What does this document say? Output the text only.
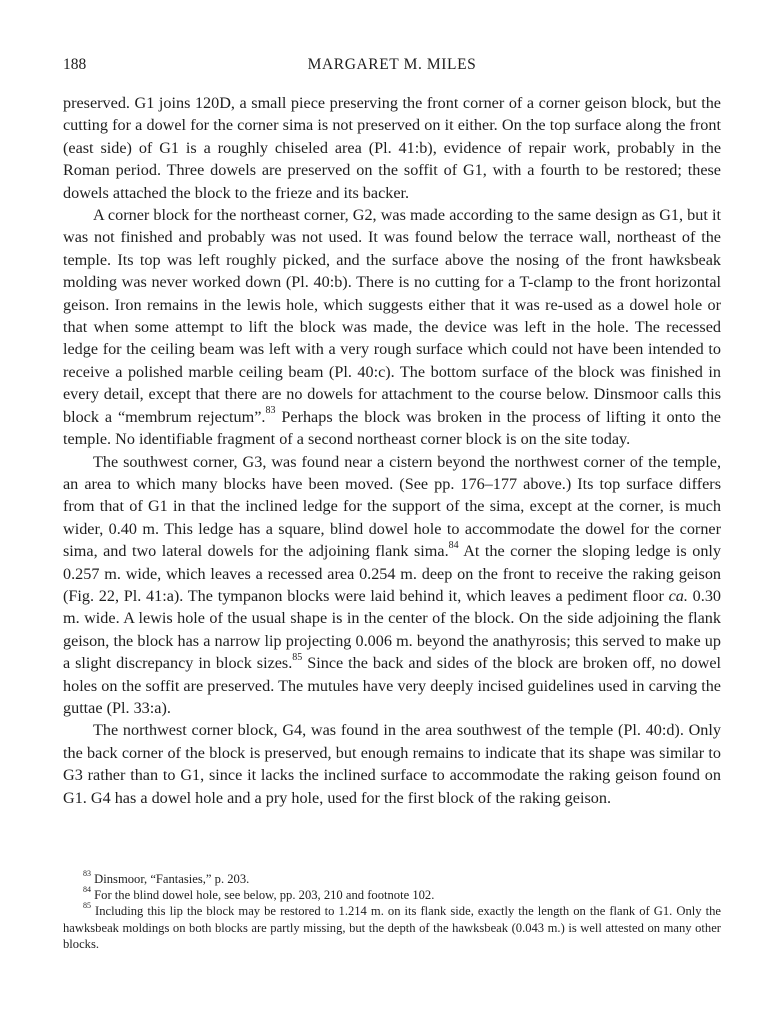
188	MARGARET M. MILES

preserved. G1 joins 120D, a small piece preserving the front corner of a corner geison block, but the cutting for a dowel for the corner sima is not preserved on it either. On the top surface along the front (east side) of G1 is a roughly chiseled area (Pl. 41:b), evidence of repair work, probably in the Roman period. Three dowels are preserved on the soffit of G1, with a fourth to be restored; these dowels attached the block to the frieze and its backer.

A corner block for the northeast corner, G2, was made according to the same design as G1, but it was not finished and probably was not used. It was found below the terrace wall, northeast of the temple. Its top was left roughly picked, and the surface above the nosing of the front hawksbeak molding was never worked down (Pl. 40:b). There is no cutting for a T-clamp to the front horizontal geison. Iron remains in the lewis hole, which suggests either that it was re-used as a dowel hole or that when some attempt to lift the block was made, the device was left in the hole. The recessed ledge for the ceiling beam was left with a very rough surface which could not have been intended to receive a polished marble ceiling beam (Pl. 40:c). The bottom surface of the block was finished in every detail, except that there are no dowels for attachment to the course below. Dinsmoor calls this block a “membrum rejectum”.$^{83}$ Perhaps the block was broken in the process of lifting it onto the temple. No identifiable fragment of a second northeast corner block is on the site today.

The southwest corner, G3, was found near a cistern beyond the northwest corner of the temple, an area to which many blocks have been moved. (See pp. 176–177 above.) Its top surface differs from that of G1 in that the inclined ledge for the support of the sima, except at the corner, is much wider, 0.40 m. This ledge has a square, blind dowel hole to accommodate the dowel for the corner sima, and two lateral dowels for the adjoining flank sima.$^{84}$ At the corner the sloping ledge is only 0.257 m. wide, which leaves a recessed area 0.254 m. deep on the front to receive the raking geison (Fig. 22, Pl. 41:a). The tympanon blocks were laid behind it, which leaves a pediment floor ca. 0.30 m. wide. A lewis hole of the usual shape is in the center of the block. On the side adjoining the flank geison, the block has a narrow lip projecting 0.006 m. beyond the anathyrosis; this served to make up a slight discrepancy in block sizes.$^{85}$ Since the back and sides of the block are broken off, no dowel holes on the soffit are preserved. The mutules have very deeply incised guidelines used in carving the guttae (Pl. 33:a).

The northwest corner block, G4, was found in the area southwest of the temple (Pl. 40:d). Only the back corner of the block is preserved, but enough remains to indicate that its shape was similar to G3 rather than to G1, since it lacks the inclined surface to accommodate the raking geison found on G1. G4 has a dowel hole and a pry hole, used for the first block of the raking geison.

$^{83}$ Dinsmoor, “Fantasies,” p. 203.

$^{84}$ For the blind dowel hole, see below, pp. 203, 210 and footnote 102.

$^{85}$ Including this lip the block may be restored to 1.214 m. on its flank side, exactly the length on the flank of G1. Only the hawksbeak moldings on both blocks are partly missing, but the depth of the hawksbeak (0.043 m.) is well attested on many other blocks.
